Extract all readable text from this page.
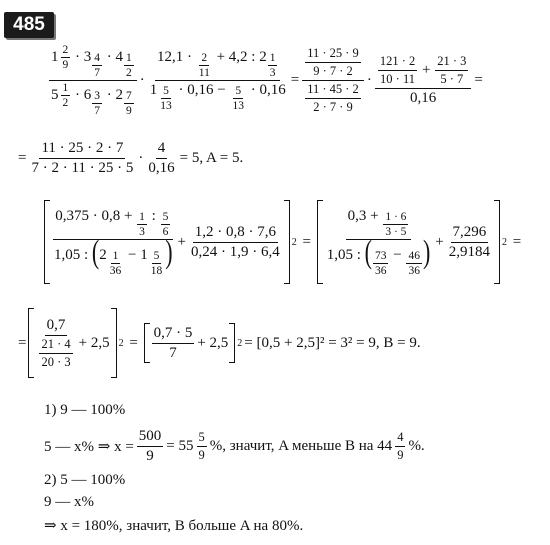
485
$\frac{1 \frac{2}{9} \cdot 3 \frac{4}{7} \cdot 4 \frac{1}{2}}{5 \frac{1}{2} \cdot 6 \frac{3}{7} \cdot 2 \frac{7}{9}} \cdot \frac{12,1 \cdot \frac{2}{11} + 4,2 : 2 \frac{1}{3}}{1 \frac{5}{13} \cdot 0,16 - \frac{5}{13} \cdot 0,16} = \frac{\frac{11 \cdot 25 \cdot 9}{9 \cdot 7 \cdot 2}}{\frac{11 \cdot 45 \cdot 2}{2 \cdot 7 \cdot 9}} \cdot \frac{\frac{121 \cdot 2}{10 \cdot 11} + \frac{21 \cdot 3}{5 \cdot 7}}{0,16}$ =
= $\frac{11 \cdot 25 \cdot 2 \cdot 7}{7 \cdot 2 \cdot 11 \cdot 25 \cdot 5} \cdot \frac{4}{0,16} = 5$, A = 5.
$\frac{0,375 \cdot 0,8 + \frac{1}{3} : \frac{5}{6}}{1,05 : (2 \frac{1}{36} - 1 \frac{5}{18} )} + \frac{1,2 \cdot 0,8 \cdot 7,6}{0,24 \cdot 1,9 \cdot 6,4} 2 = \frac{0,3 + \frac{1 \cdot 6}{3 \cdot 5}}{1,05 : ( \frac{73}{36} - \frac{46}{36} )} + \frac{7,296}{2,9184} 2$ =
= $\frac{0,7}{\frac{21 \cdot 4}{20 \cdot 3}} + 2,5$ $2 = \frac{0,7 \cdot 5}{7} + 2,5$ 2 = [0,5 + 2,5]² = 3² = 9, B = 9.
1) 9 — 100%
5 — x% ⇒ $x = \frac{500}{9} = 55 \frac{5}{9}$ %, значит, A меньше B на $44 \frac{4}{9}$ %.
2) 5 — 100%
9 — x%
⇒ x = 180%, значит, B больше A на 80%.
